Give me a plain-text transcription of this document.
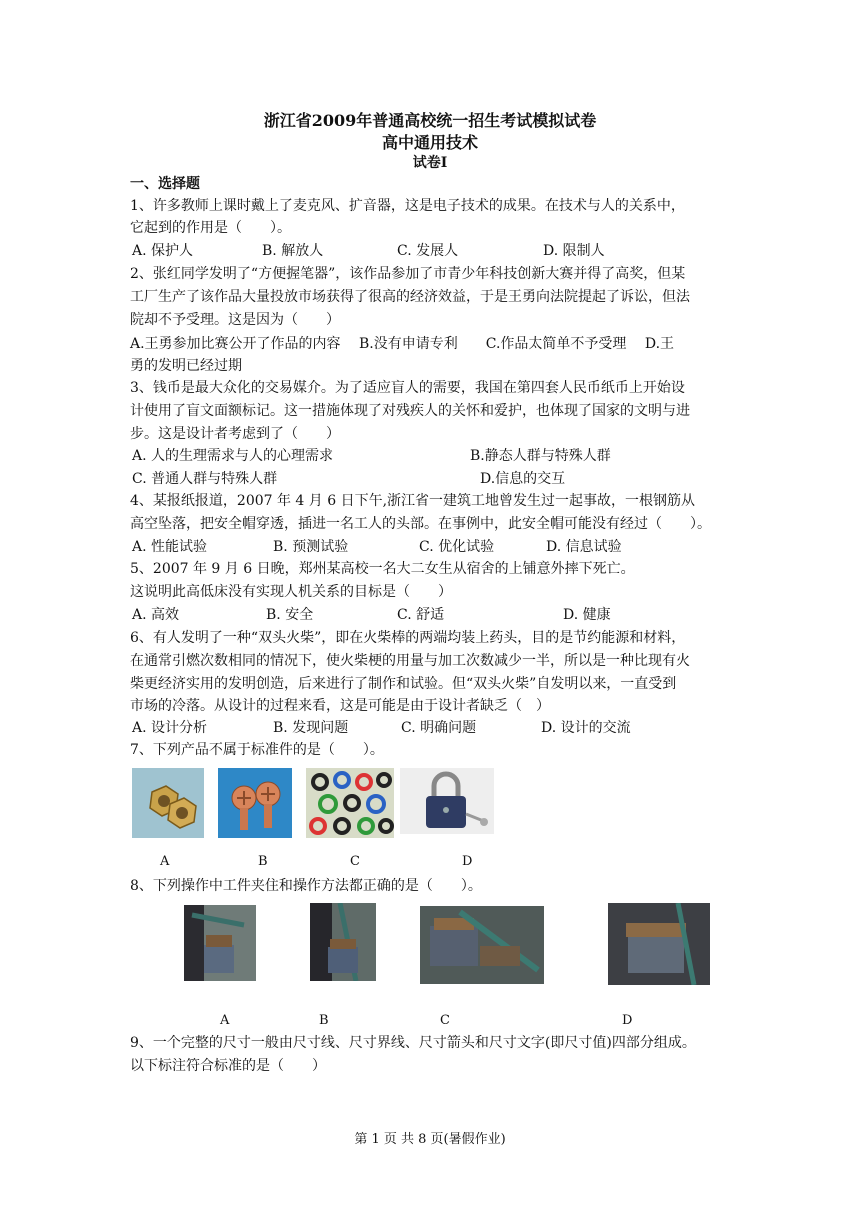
浙江省2009年普通高校统一招生考试模拟试卷
高中通用技术
试卷Ⅰ
一、选择题
1、许多教师上课时戴上了麦克风、扩音器，这是电子技术的成果。在技术与人的关系中，
它起到的作用是（　　）。
A. 保护人	B. 解放人	C. 发展人	D. 限制人
2、张红同学发明了“方便握笔器”，该作品参加了市青少年科技创新大赛并得了高奖，但某
工厂生产了该作品大量投放市场获得了很高的经济效益，于是王勇向法院提起了诉讼，但法
院却不予受理。这是因为（　　）
A.王勇参加比赛公开了作品的内容　 B.没有申请专利　　C.作品太简单不予受理　 D.王
勇的发明已经过期
3、钱币是最大众化的交易媒介。为了适应盲人的需要，我国在第四套人民币纸币上开始设
计使用了盲文面额标记。这一措施体现了对残疾人的关怀和爱护，也体现了国家的文明与进
步。这是设计者考虑到了（　　）
A. 人的生理需求与人的心理需求	B.静态人群与特殊人群
C. 普通人群与特殊人群	D.信息的交互
4、某报纸报道，2007 年 4 月 6 日下午,浙江省一建筑工地曾发生过一起事故，一根钢筋从
高空坠落，把安全帽穿透，插进一名工人的头部。在事例中，此安全帽可能没有经过（　　）。
A. 性能试验	B. 预测试验	C. 优化试验	D. 信息试验
5、2007 年 9 月 6 日晚，郑州某高校一名大二女生从宿舍的上铺意外摔下死亡。
这说明此高低床没有实现人机关系的目标是（　　）
A. 高效	B. 安全	C. 舒适	D. 健康
6、有人发明了一种“双头火柴”，即在火柴棒的两端均装上药头，目的是节约能源和材料，
在通常引燃次数相同的情况下，使火柴梗的用量与加工次数减少一半，所以是一种比现有火
柴更经济实用的发明创造，后来进行了制作和试验。但“双头火柴”自发明以来，一直受到
市场的冷落。从设计的过程来看，这是可能是由于设计者缺乏（　）
A. 设计分析	B. 发现问题	C. 明确问题	D. 设计的交流
7、下列产品不属于标准件的是（　　）。
A	B	C	D
8、下列操作中工件夹住和操作方法都正确的是（　　）。
A	B	C	D
9、一个完整的尺寸一般由尺寸线、尺寸界线、尺寸箭头和尺寸文字(即尺寸值)四部分组成。
以下标注符合标准的是（　　）
第 1 页 共 8 页(暑假作业)
